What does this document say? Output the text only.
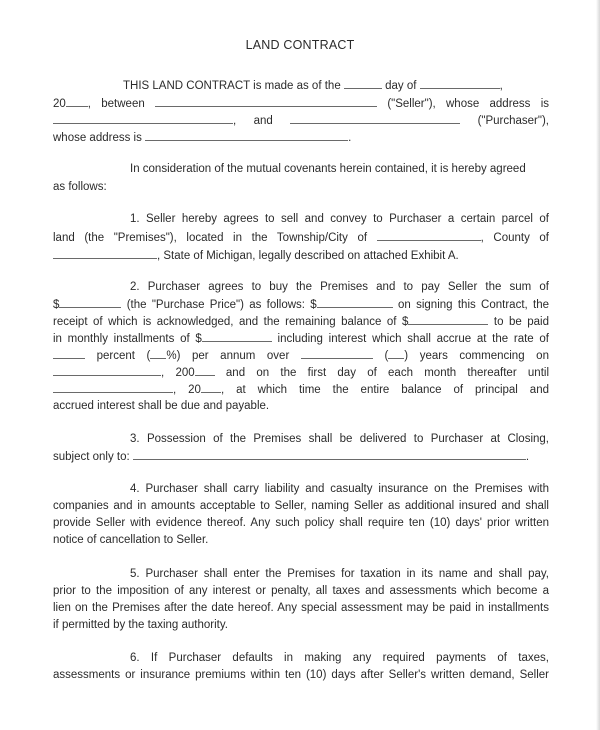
LAND CONTRACT
THIS LAND CONTRACT is made as of the	day of	,
20 , between	("Seller"), whose address is
, and	("Purchaser"),
whose address is	.
In consideration of the mutual covenants herein contained, it is hereby agreed
as follows:
1. Seller hereby agrees to sell and convey to Purchaser a certain parcel of
land (the "Premises"), located in the Township/City of	, County of
, State of Michigan, legally described on attached Exhibit A.
2. Purchaser agrees to buy the Premises and to pay Seller the sum of
$	(the "Purchase Price") as follows: $	on signing this Contract, the
receipt of which is acknowledged, and the remaining balance of $	to be paid
in monthly installments of $	including interest which shall accrue at the rate of
percent ( %) per annum over	( ) years commencing on
, 200	and on the first day of each month thereafter until
, 20 , at which time the entire balance of principal and
accrued interest shall be due and payable.
3. Possession of the Premises shall be delivered to Purchaser at Closing,
subject only to:	.
4. Purchaser shall carry liability and casualty insurance on the Premises with
companies and in amounts acceptable to Seller, naming Seller as additional insured and shall
provide Seller with evidence thereof. Any such policy shall require ten (10) days' prior written
notice of cancellation to Seller.
5. Purchaser shall enter the Premises for taxation in its name and shall pay,
prior to the imposition of any interest or penalty, all taxes and assessments which become a
lien on the Premises after the date hereof. Any special assessment may be paid in installments
if permitted by the taxing authority.
6. If Purchaser defaults in making any required payments of taxes,
assessments or insurance premiums within ten (10) days after Seller's written demand, Seller
